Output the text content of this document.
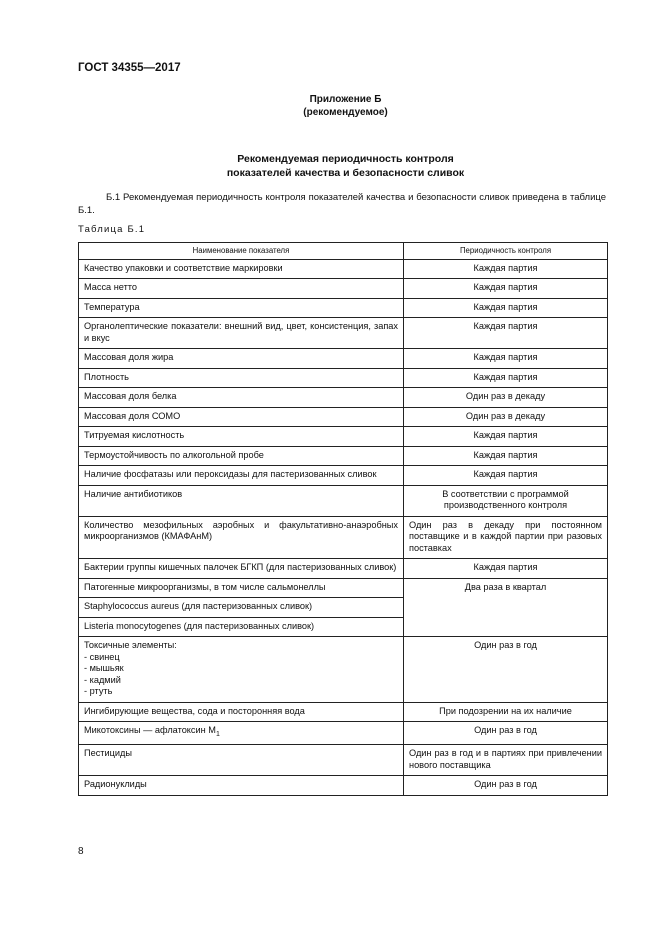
ГОСТ 34355—2017
Приложение Б
(рекомендуемое)
Рекомендуемая периодичность контроля
показателей качества и безопасности сливок
Б.1 Рекомендуемая периодичность контроля показателей качества и безопасности сливок приведена в таблице Б.1.
Таблица Б.1
Наименование показателя	Периодичность контроля
Качество упаковки и соответствие маркировки	Каждая партия
Масса нетто	Каждая партия
Температура	Каждая партия
Органолептические показатели: внешний вид, цвет, консистенция, запах и вкус	Каждая партия
Массовая доля жира	Каждая партия
Плотность	Каждая партия
Массовая доля белка	Один раз в декаду
Массовая доля СОМО	Один раз в декаду
Титруемая кислотность	Каждая партия
Термоустойчивость по алкогольной пробе	Каждая партия
Наличие фосфатазы или пероксидазы для пастеризованных сливок	Каждая партия
Наличие антибиотиков	В соответствии с программой производственного контроля
Количество мезофильных аэробных и факультативно-анаэробных микроорганизмов (КМАФАнМ)	Один раз в декаду при постоянном поставщике и в каждой партии при разовых поставках
Бактерии группы кишечных палочек БГКП (для пастеризованных сливок)	Каждая партия
Патогенные микроорганизмы, в том числе сальмонеллы	Два раза в квартал
Staphylococcus aureus (для пастеризованных сливок)	
Listeria monocytogenes (для пастеризованных сливок)	

Токсичные элементы:
- свинец
- мышьяк
- кадмий
- ртуть	Один раз в год
Ингибирующие вещества, сода и посторонняя вода	При подозрении на их наличие
Микотоксины — афлатоксин $M_1$	Один раз в год
Пестициды	Один раз в год и в партиях при привлечении нового поставщика
Радионуклиды	Один раз в год
8
